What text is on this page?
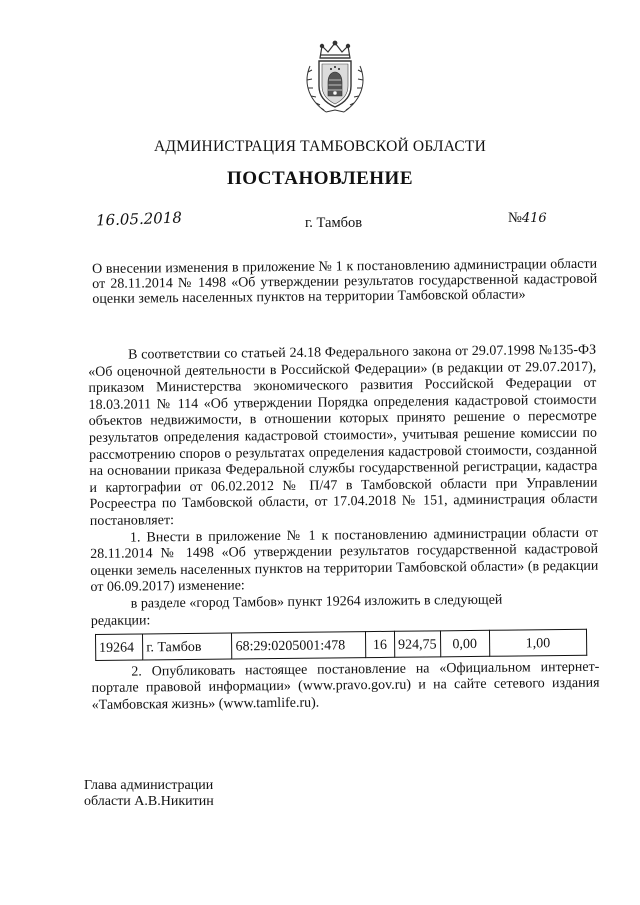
АДМИНИСТРАЦИЯ ТАМБОВСКОЙ ОБЛАСТИ
ПОСТАНОВЛЕНИЕ
16.05.2018	г. Тамбов	№416
О внесении изменения в приложение № 1 к постановлению администрации области от 28.11.2014 № 1498 «Об утверждении результатов государственной кадастровой оценки земель населенных пунктов на территории Тамбовской области»

В соответствии со статьей 24.18 Федерального закона от 29.07.1998 №135-ФЗ «Об оценочной деятельности в Российской Федерации» (в редакции от 29.07.2017), приказом Министерства экономического развития Российской Федерации от 18.03.2011 № 114 «Об утверждении Порядка определения кадастровой стоимости объектов недвижимости, в отношении которых принято решение о пересмотре результатов определения кадастровой стоимости», учитывая решение комиссии по рассмотрению споров о результатах определения кадастровой стоимости, созданной на основании приказа Федеральной службы государственной регистрации, кадастра и картографии от 06.02.2012 № П/47 в Тамбовской области при Управлении Росреестра по Тамбовской области, от 17.04.2018 № 151, администрация области постановляет:

1. Внести в приложение № 1 к постановлению администрации области от 28.11.2014 № 1498 «Об утверждении результатов государственной кадастровой оценки земель населенных пунктов на территории Тамбовской области» (в редакции от 06.09.2017) изменение:

в разделе «город Тамбов» пункт 19264 изложить в следующей
редакции:

19264	г. Тамбов	68:29:0205001:478	16	924,75	0,00	1,00

2. Опубликовать настоящее постановление на «Официальном интернет-портале правовой информации» (www.pravo.gov.ru) и на сайте сетевого издания «Тамбовская жизнь» (www.tamlife.ru).

Глава администрации
области А.В.Никитин
